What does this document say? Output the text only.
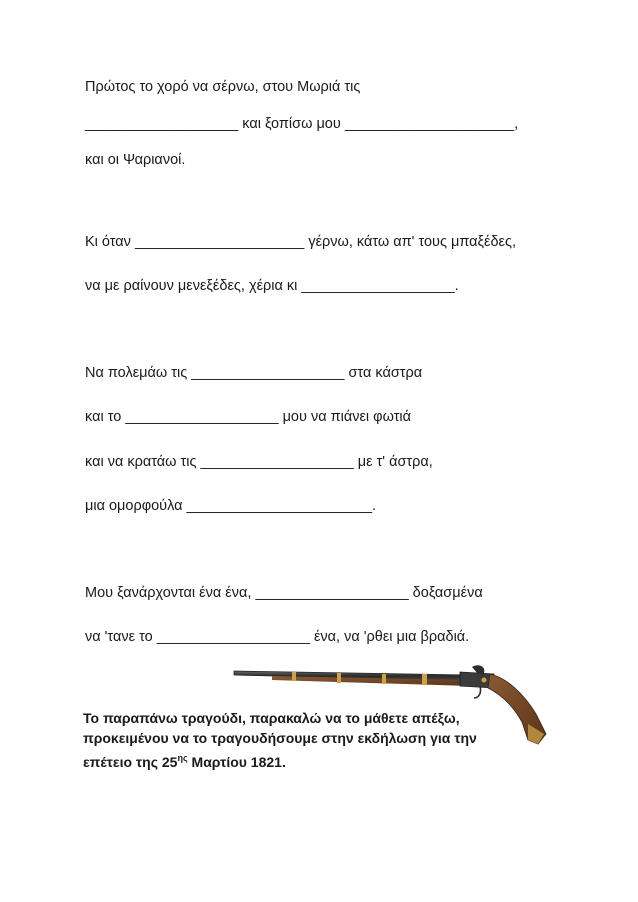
Πρώτος το χορό να σέρνω, στου Μωριά τις
___________________ και ξοπίσω μου _____________________,
και οι Ψαριανοί.
Κι όταν _____________________ γέρνω, κάτω απ' τους μπαξέδες,
να με ραίνουν μενεξέδες, χέρια κι ___________________.
Να πολεμάω τις ___________________ στα κάστρα
και το ___________________ μου να πιάνει φωτιά
και να κρατάω τις ___________________ με τ' άστρα,
μια ομορφούλα _______________________.
Μου ξανάρχονται ένα ένα, ___________________ δοξασμένα
να 'τανε το ___________________ ένα, να 'ρθει μια βραδιά.
Το παραπάνω τραγούδι, παρακαλώ να το μάθετε απέξω,
προκειμένου να το τραγουδήσουμε στην εκδήλωση για την
επέτειο της $25^{\eta\varsigma}$ Μαρτίου 1821.
